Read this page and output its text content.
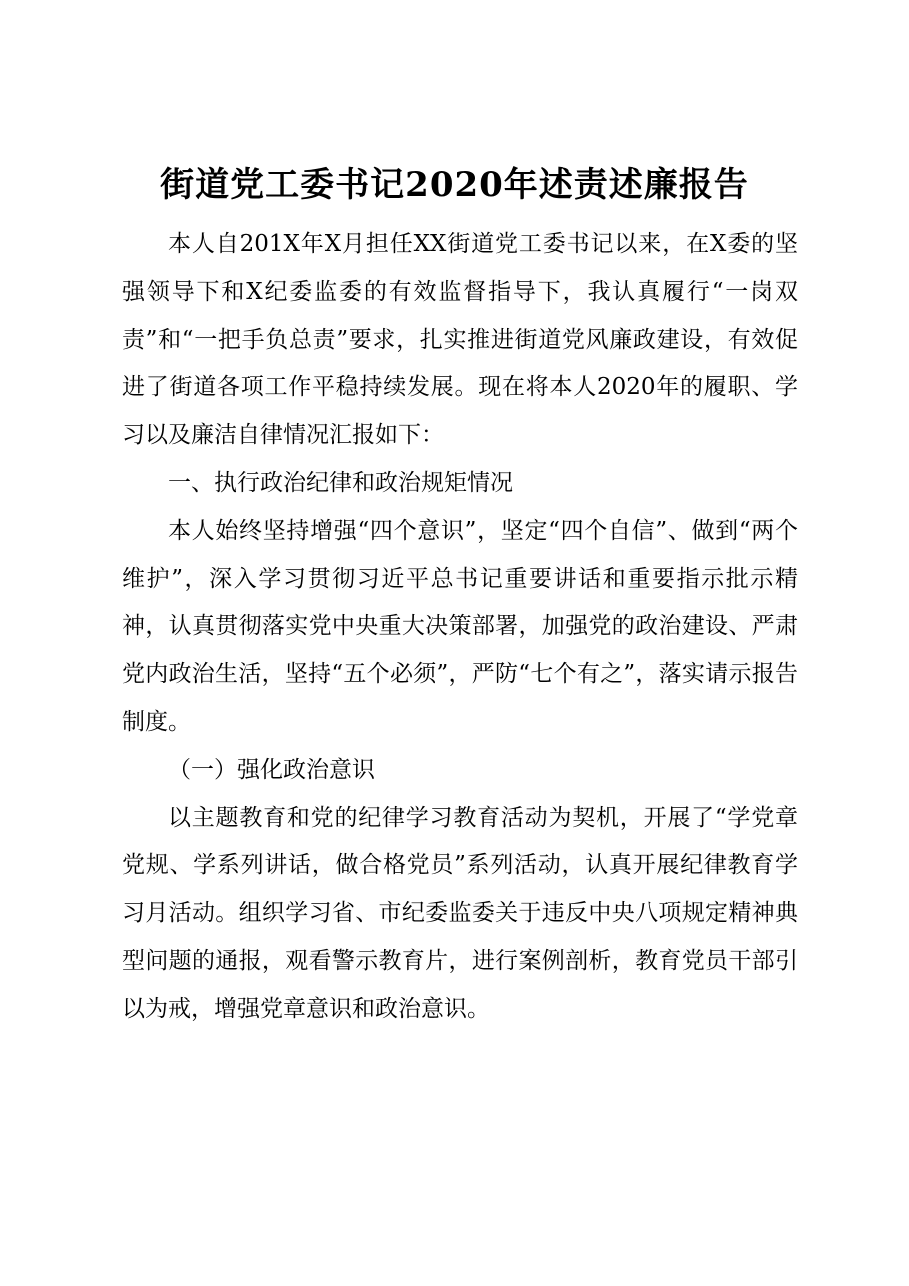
街道党工委书记2020年述责述廉报告

本人自201X年X月担任XX街道党工委书记以来，在X委的坚强领导下和X纪委监委的有效监督指导下，我认真履行“一岗双责”和“一把手负总责”要求，扎实推进街道党风廉政建设，有效促进了街道各项工作平稳持续发展。现在将本人2020年的履职、学习以及廉洁自律情况汇报如下：

一、执行政治纪律和政治规矩情况

本人始终坚持增强“四个意识”，坚定“四个自信”、做到“两个维护”，深入学习贯彻习近平总书记重要讲话和重要指示批示精神，认真贯彻落实党中央重大决策部署，加强党的政治建设、严肃党内政治生活，坚持“五个必须”，严防“七个有之”，落实请示报告制度。

（一）强化政治意识

以主题教育和党的纪律学习教育活动为契机，开展了“学党章党规、学系列讲话，做合格党员”系列活动，认真开展纪律教育学习月活动。组织学习省、市纪委监委关于违反中央八项规定精神典型问题的通报，观看警示教育片，进行案例剖析，教育党员干部引以为戒，增强党章意识和政治意识。
